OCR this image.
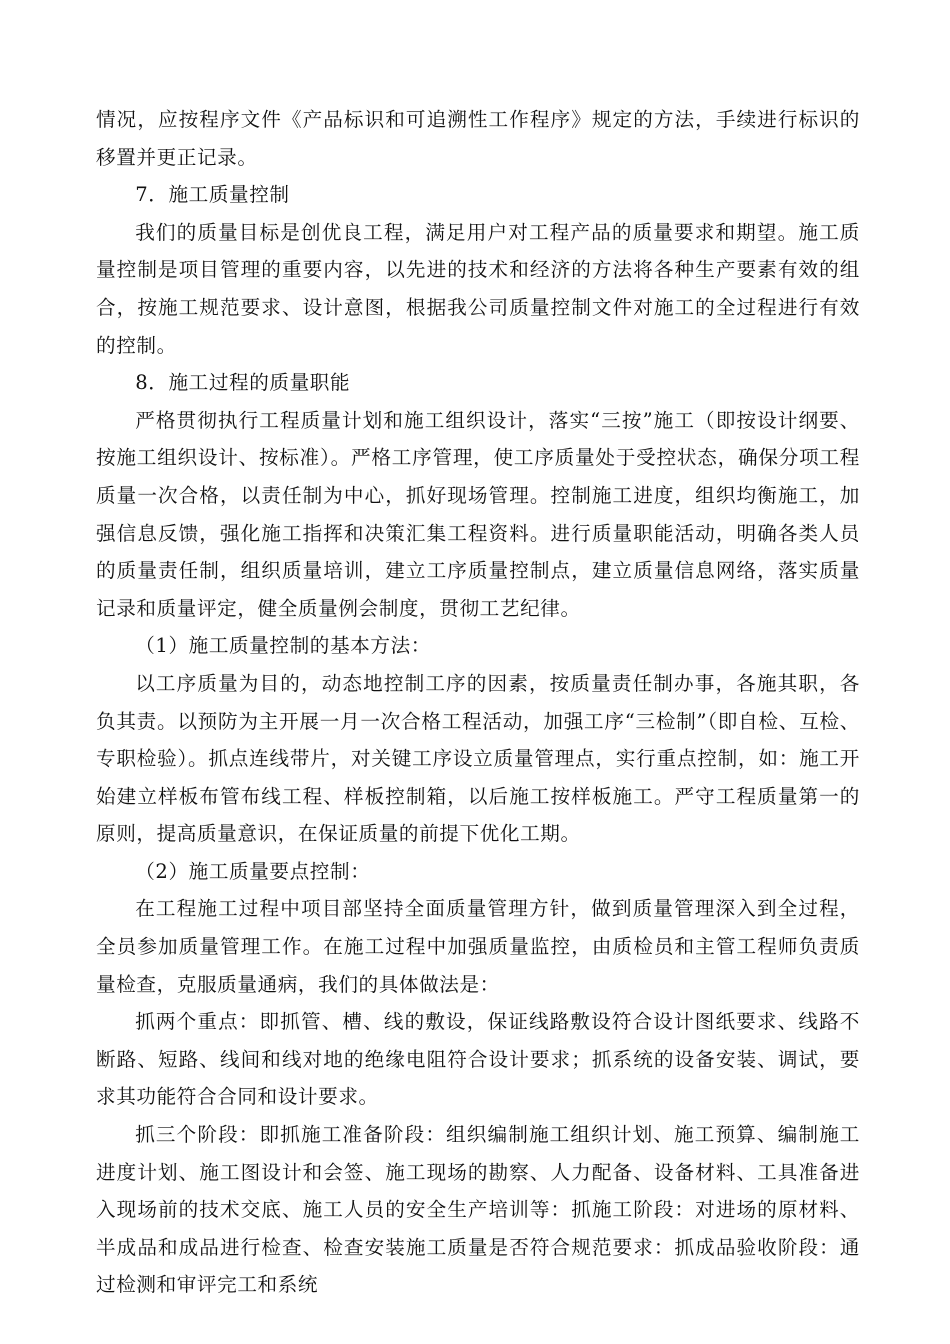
情况，应按程序文件《产品标识和可追溯性工作程序》规定的方法，手续进行标识的移置并更正记录。

7．施工质量控制

我们的质量目标是创优良工程，满足用户对工程产品的质量要求和期望。施工质量控制是项目管理的重要内容，以先进的技术和经济的方法将各种生产要素有效的组合，按施工规范要求、设计意图，根据我公司质量控制文件对施工的全过程进行有效的控制。

8．施工过程的质量职能

严格贯彻执行工程质量计划和施工组织设计，落实“三按”施工（即按设计纲要、按施工组织设计、按标准）。严格工序管理，使工序质量处于受控状态，确保分项工程质量一次合格，以责任制为中心，抓好现场管理。控制施工进度，组织均衡施工，加强信息反馈，强化施工指挥和决策汇集工程资料。进行质量职能活动，明确各类人员的质量责任制，组织质量培训，建立工序质量控制点，建立质量信息网络，落实质量记录和质量评定，健全质量例会制度，贯彻工艺纪律。

（1）施工质量控制的基本方法：

以工序质量为目的，动态地控制工序的因素，按质量责任制办事，各施其职，各负其责。以预防为主开展一月一次合格工程活动，加强工序“三检制”（即自检、互检、专职检验）。抓点连线带片，对关键工序设立质量管理点，实行重点控制，如：施工开始建立样板布管布线工程、样板控制箱，以后施工按样板施工。严守工程质量第一的原则，提高质量意识，在保证质量的前提下优化工期。

（2）施工质量要点控制：

在工程施工过程中项目部坚持全面质量管理方针，做到质量管理深入到全过程，全员参加质量管理工作。在施工过程中加强质量监控，由质检员和主管工程师负责质量检查，克服质量通病，我们的具体做法是：

抓两个重点：即抓管、槽、线的敷设，保证线路敷设符合设计图纸要求、线路不断路、短路、线间和线对地的绝缘电阻符合设计要求；抓系统的设备安装、调试，要求其功能符合合同和设计要求。

抓三个阶段：即抓施工准备阶段：组织编制施工组织计划、施工预算、编制施工进度计划、施工图设计和会签、施工现场的勘察、人力配备、设备材料、工具准备进入现场前的技术交底、施工人员的安全生产培训等：抓施工阶段：对进场的原材料、半成品和成品进行检查、检查安装施工质量是否符合规范要求：抓成品验收阶段：通过检测和审评完工和系统
